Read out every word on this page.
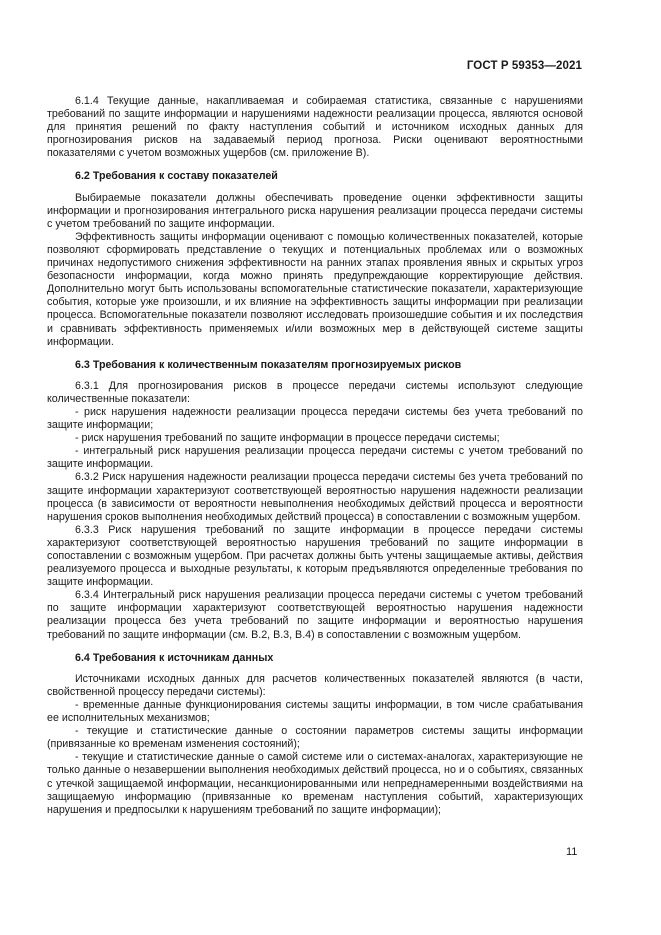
ГОСТ Р 59353—2021

6.1.4 Текущие данные, накапливаемая и собираемая статистика, связанные с нарушениями требований по защите информации и нарушениями надежности реализации процесса, являются основой для принятия решений по факту наступления событий и источником исходных данных для прогнозирования рисков на задаваемый период прогноза. Риски оценивают вероятностными показателями с учетом возможных ущербов (см. приложение В).

6.2 Требования к составу показателей

Выбираемые показатели должны обеспечивать проведение оценки эффективности защиты информации и прогнозирования интегрального риска нарушения реализации процесса передачи системы с учетом требований по защите информации.

Эффективность защиты информации оценивают с помощью количественных показателей, которые позволяют сформировать представление о текущих и потенциальных проблемах или о возможных причинах недопустимого снижения эффективности на ранних этапах проявления явных и скрытых угроз безопасности информации, когда можно принять предупреждающие корректирующие действия. Дополнительно могут быть использованы вспомогательные статистические показатели, характеризующие события, которые уже произошли, и их влияние на эффективность защиты информации при реализации процесса. Вспомогательные показатели позволяют исследовать произошедшие события и их последствия и сравнивать эффективность применяемых и/или возможных мер в действующей системе защиты информации.

6.3 Требования к количественным показателям прогнозируемых рисков

6.3.1 Для прогнозирования рисков в процессе передачи системы используют следующие количественные показатели:

- риск нарушения надежности реализации процесса передачи системы без учета требований по защите информации;

- риск нарушения требований по защите информации в процессе передачи системы;

- интегральный риск нарушения реализации процесса передачи системы с учетом требований по защите информации.

6.3.2 Риск нарушения надежности реализации процесса передачи системы без учета требований по защите информации характеризуют соответствующей вероятностью нарушения надежности реализации процесса (в зависимости от вероятности невыполнения необходимых действий процесса и вероятности нарушения сроков выполнения необходимых действий процесса) в сопоставлении с возможным ущербом.

6.3.3 Риск нарушения требований по защите информации в процессе передачи системы характеризуют соответствующей вероятностью нарушения требований по защите информации в сопоставлении с возможным ущербом. При расчетах должны быть учтены защищаемые активы, действия реализуемого процесса и выходные результаты, к которым предъявляются определенные требования по защите информации.

6.3.4 Интегральный риск нарушения реализации процесса передачи системы с учетом требований по защите информации характеризуют соответствующей вероятностью нарушения надежности реализации процесса без учета требований по защите информации и вероятностью нарушения требований по защите информации (см. В.2, В.3, В.4) в сопоставлении с возможным ущербом.

6.4 Требования к источникам данных

Источниками исходных данных для расчетов количественных показателей являются (в части, свойственной процессу передачи системы):

- временные данные функционирования системы защиты информации, в том числе срабатывания ее исполнительных механизмов;

- текущие и статистические данные о состоянии параметров системы защиты информации (привязанные ко временам изменения состояний);

- текущие и статистические данные о самой системе или о системах-аналогах, характеризующие не только данные о незавершении выполнения необходимых действий процесса, но и о событиях, связанных с утечкой защищаемой информации, несанкционированными или непреднамеренными воздействиями на защищаемую информацию (привязанные ко временам наступления событий, характеризующих нарушения и предпосылки к нарушениям требований по защите информации);

11
